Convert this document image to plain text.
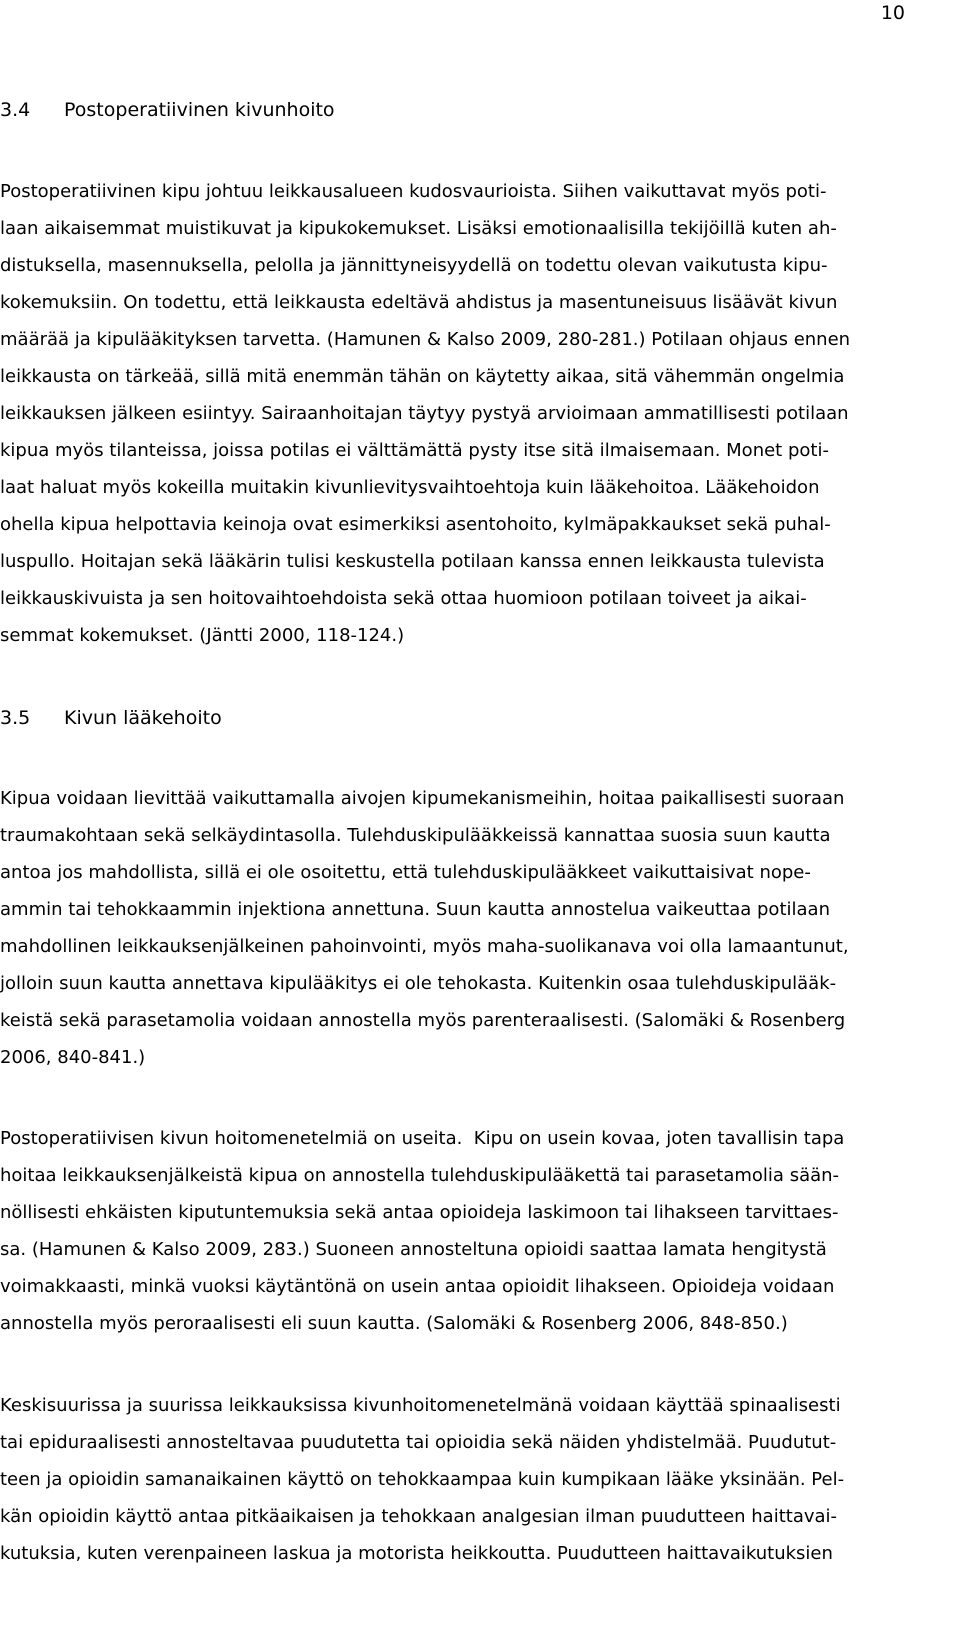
10
3.4 Postoperatiivinen kivunhoito
Postoperatiivinen kipu johtuu leikkausalueen kudosvaurioista. Siihen vaikuttavat myös poti-
laan aikaisemmat muistikuvat ja kipukokemukset. Lisäksi emotionaalisilla tekijöillä kuten ah-
distuksella, masennuksella, pelolla ja jännittyneisyydellä on todettu olevan vaikutusta kipu-
kokemuksiin. On todettu, että leikkausta edeltävä ahdistus ja masentuneisuus lisäävät kivun
määrää ja kipulääkityksen tarvetta. (Hamunen & Kalso 2009, 280-281.) Potilaan ohjaus ennen
leikkausta on tärkeää, sillä mitä enemmän tähän on käytetty aikaa, sitä vähemmän ongelmia
leikkauksen jälkeen esiintyy. Sairaanhoitajan täytyy pystyä arvioimaan ammatillisesti potilaan
kipua myös tilanteissa, joissa potilas ei välttämättä pysty itse sitä ilmaisemaan. Monet poti-
laat haluat myös kokeilla muitakin kivunlievitysvaihtoehtoja kuin lääkehoitoa. Lääkehoidon
ohella kipua helpottavia keinoja ovat esimerkiksi asentohoito, kylmäpakkaukset sekä puhal-
luspullo. Hoitajan sekä lääkärin tulisi keskustella potilaan kanssa ennen leikkausta tulevista
leikkauskivuista ja sen hoitovaihtoehdoista sekä ottaa huomioon potilaan toiveet ja aikai-
semmat kokemukset. (Jäntti 2000, 118-124.)
3.5 Kivun lääkehoito
Kipua voidaan lievittää vaikuttamalla aivojen kipumekanismeihin, hoitaa paikallisesti suoraan
traumakohtaan sekä selkäydintasolla. Tulehduskipulääkkeissä kannattaa suosia suun kautta
antoa jos mahdollista, sillä ei ole osoitettu, että tulehduskipulääkkeet vaikuttaisivat nope-
ammin tai tehokkaammin injektiona annettuna. Suun kautta annostelua vaikeuttaa potilaan
mahdollinen leikkauksenjälkeinen pahoinvointi, myös maha-suolikanava voi olla lamaantunut,
jolloin suun kautta annettava kipulääkitys ei ole tehokasta. Kuitenkin osaa tulehduskipulääk-
keistä sekä parasetamolia voidaan annostella myös parenteraalisesti. (Salomäki & Rosenberg
2006, 840-841.)
Postoperatiivisen kivun hoitomenetelmiä on useita.  Kipu on usein kovaa, joten tavallisin tapa
hoitaa leikkauksenjälkeistä kipua on annostella tulehduskipulääkettä tai parasetamolia sään-
nöllisesti ehkäisten kiputuntemuksia sekä antaa opioideja laskimoon tai lihakseen tarvittaes-
sa. (Hamunen & Kalso 2009, 283.) Suoneen annosteltuna opioidi saattaa lamata hengitystä
voimakkaasti, minkä vuoksi käytäntönä on usein antaa opioidit lihakseen. Opioideja voidaan
annostella myös peroraalisesti eli suun kautta. (Salomäki & Rosenberg 2006, 848-850.)
Keskisuurissa ja suurissa leikkauksissa kivunhoitomenetelmänä voidaan käyttää spinaalisesti
tai epiduraalisesti annosteltavaa puudutetta tai opioidia sekä näiden yhdistelmää. Puudutut-
teen ja opioidin samanaikainen käyttö on tehokkaampaa kuin kumpikaan lääke yksinään. Pel-
kän opioidin käyttö antaa pitkäaikaisen ja tehokkaan analgesian ilman puudutteen haittavai-
kutuksia, kuten verenpaineen laskua ja motorista heikkoutta. Puudutteen haittavaikutuksien
